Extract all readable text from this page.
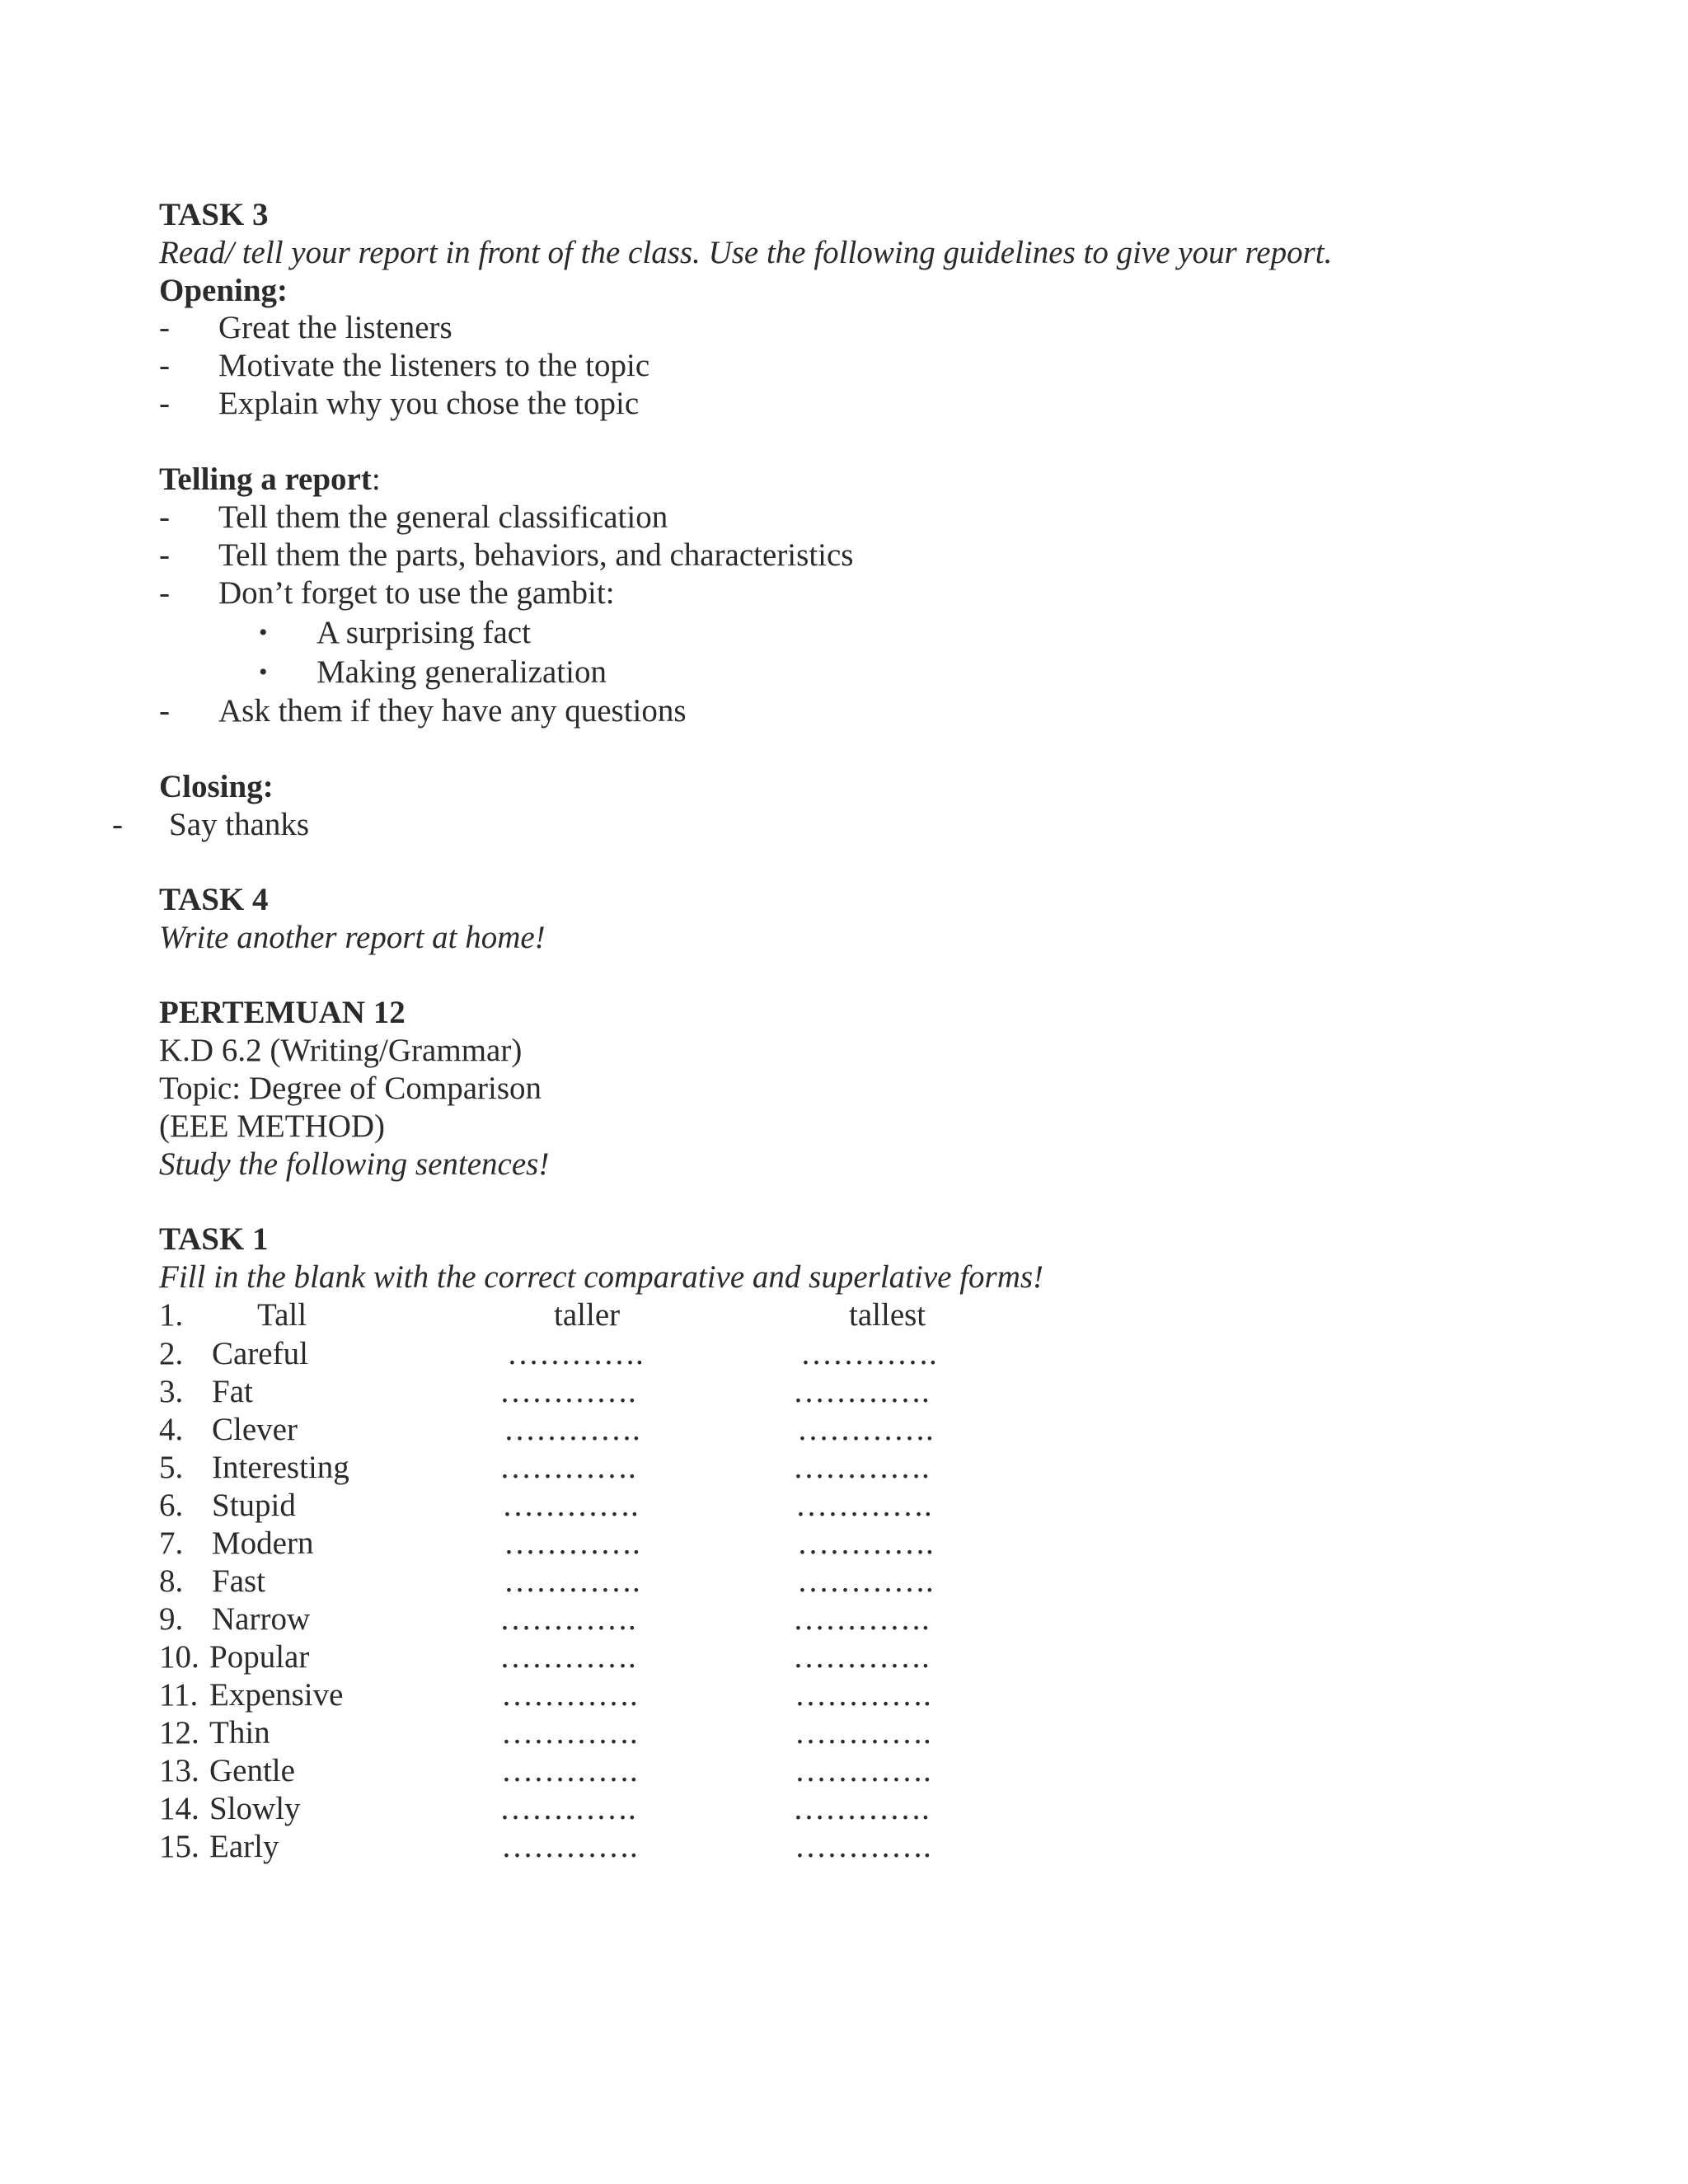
TASK 3
Read/ tell your report in front of the class. Use the following guidelines to give your report.
Opening:
- Great the listeners
- Motivate the listeners to the topic
- Explain why you chose the topic
Telling a report:
- Tell them the general classification
- Tell them the parts, behaviors, and characteristics
- Don’t forget to use the gambit:
• A surprising fact
• Making generalization
- Ask them if they have any questions
Closing:
- Say thanks
TASK 4
Write another report at home!
PERTEMUAN 12
K.D 6.2 (Writing/Grammar)
Topic: Degree of Comparison
(EEE METHOD)
Study the following sentences!
TASK 1
Fill in the blank with the correct comparative and superlative forms!
1. Tall	taller	tallest
2. Careful	………….	………….
3. Fat	………….	………….
4. Clever	………….	………….
5. Interesting	………….	………….
6. Stupid	………….	………….
7. Modern	………….	………….
8. Fast	………….	………….
9. Narrow	………….	………….
10. Popular	………….	………….
11. Expensive	………….	………….
12. Thin	………….	………….
13. Gentle	………….	………….
14. Slowly	………….	………….
15. Early	………….	………….
